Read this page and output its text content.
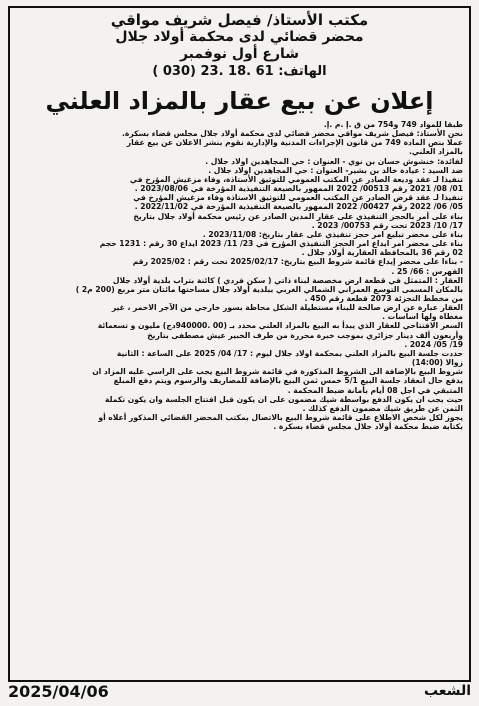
مكتب الأستاذ/ فيصل شريف مواقي
محضر قضائي لدى محكمة أولاد جلال
شارع أول نوفمبر
الهاتف: 61 .18 .23 (030 )
إعلان عن بيع عقار بالمزاد العلني

طبقا للمواد 749 و754 من ق .إ .م .إ.

نحن الأستاذ: فيصل شريف مواقي محضر قضائي لدى محكمة أولاد جلال مجلس قضاء بسكرة.

عملا بنص المادة 749 من قانون الإجراءات المدنية والإدارية نقوم بنشر الاعلان عن بيع عقار

بالمزاد العلني.

لفائدة: خنشوش حسان بن نوي - العنوان : حي المجاهدين اولاد جلال .

ضد السيد : عيادة خالد بن بشير- العنوان : حي المجاهدين اولاد جلال .

تنفيذا لـ عقد وديعة الصادر عن المكتب العمومي للتوثيق الأستاذة، وفاء مزغيش المؤرخ في

01/ 08/ 2021 رقم 00513/ 2022 الممهور بالصيغة التنفيذية المؤرخة في 2023/08/06 .

تنفيذا لـ عقد قرض الصادر عن المكتب العمومي للتوثيق الاستاذة وفاء مزغيش المؤرخ في

05/ 06/ 2022 رقم 00427/ 2022 الممهور بالصيغة التنفيذية المؤرخة في 2022/11/02 .

بناء على أمر بالحجز التنفيذي على عقار المدين الصادر عن رئيس محكمة أولاد جلال بتاريخ

17/ 10/ 2023 تحت رقم 00753/ 2023 .

بناء على محضر تبليغ امر حجز تنفيذي على عقار بتاريخ: 2023/11/08 .

بناء على محضر امر ايداع امر الحجز التنفيذي المؤرخ في 23/ 11/ 2023 ايداع 30 رقم : 1231 حجم

02 رقم 36 بالمحافظة العقارية أولاد جلال .

- بناءا على محضر إيداع قائمة شروط البيع بتاريخ: 2025/02/17 تحت رقم : 2025/02 رقم

الفهرس : 66/ 25 .

العقار : المتمثل في قطعة ارض مخصصة لبناء ذاتي ( سكن فردي ) كائنة بتراب بلدية أولاد جلال

بالمكان المسمى التوسع العمراني الشمالي الغربي ببلدية أولاد جلال مساحتها مائتان متر مربع (200 م2 )

من مخطط التجزئة 2073 قطعة رقم 450 .

العقار عبارة عن ارض صالحة للبناء مستطيلة الشكل محاطة بسور خارجي من الآجر الاحمر ، غير

مغطاة ولها اساسات .

السعر الافتتاحي للعقار الذي يبدأ به البيع بالمزاد العلني محدد بـ (00 .940000دج) مليون و تسعمائة

وأربعون ألف دينار جزائري بموجب خبرة محررة من طرف الخبير عيش مصطفى بتاريخ

19/ 05/ 2024 .

حددت جلسة البيع بالمزاد العلني بمحكمة اولاد جلال ليوم : 17/ 04/ 2025 على الساعة : الثانية

زوالا (14:00)

شروط البيع بالإضافة الى الشروط المذكورة في قائمة شروط البيع يجب على الراسي عليه المزاد ان

يدفع حال انعقاد جلسة البيع 5/1 خمس ثمن البيع بالإضافة للمصاريف والرسوم ويتم دفع المبلغ

المتبقي في اجل 08 أيام بأمانة ضبط المحكمة .

حيث يجب ان يكون الدفع بواسطة شيك مضمون على ان يكون قبل افتتاح الجلسة وان يكون تكملة

الثمن عن طريق شيك مضمون الدفع كذلك .

يجوز لكل شخص الاطلاع على قائمة شروط البيع بالاتصال بمكتب المحضر القضائي المذكور أعلاه أو

بكتابة ضبط محكمة أولاد جلال مجلس قضاء بسكرة .

الشعب
2025/04/06
